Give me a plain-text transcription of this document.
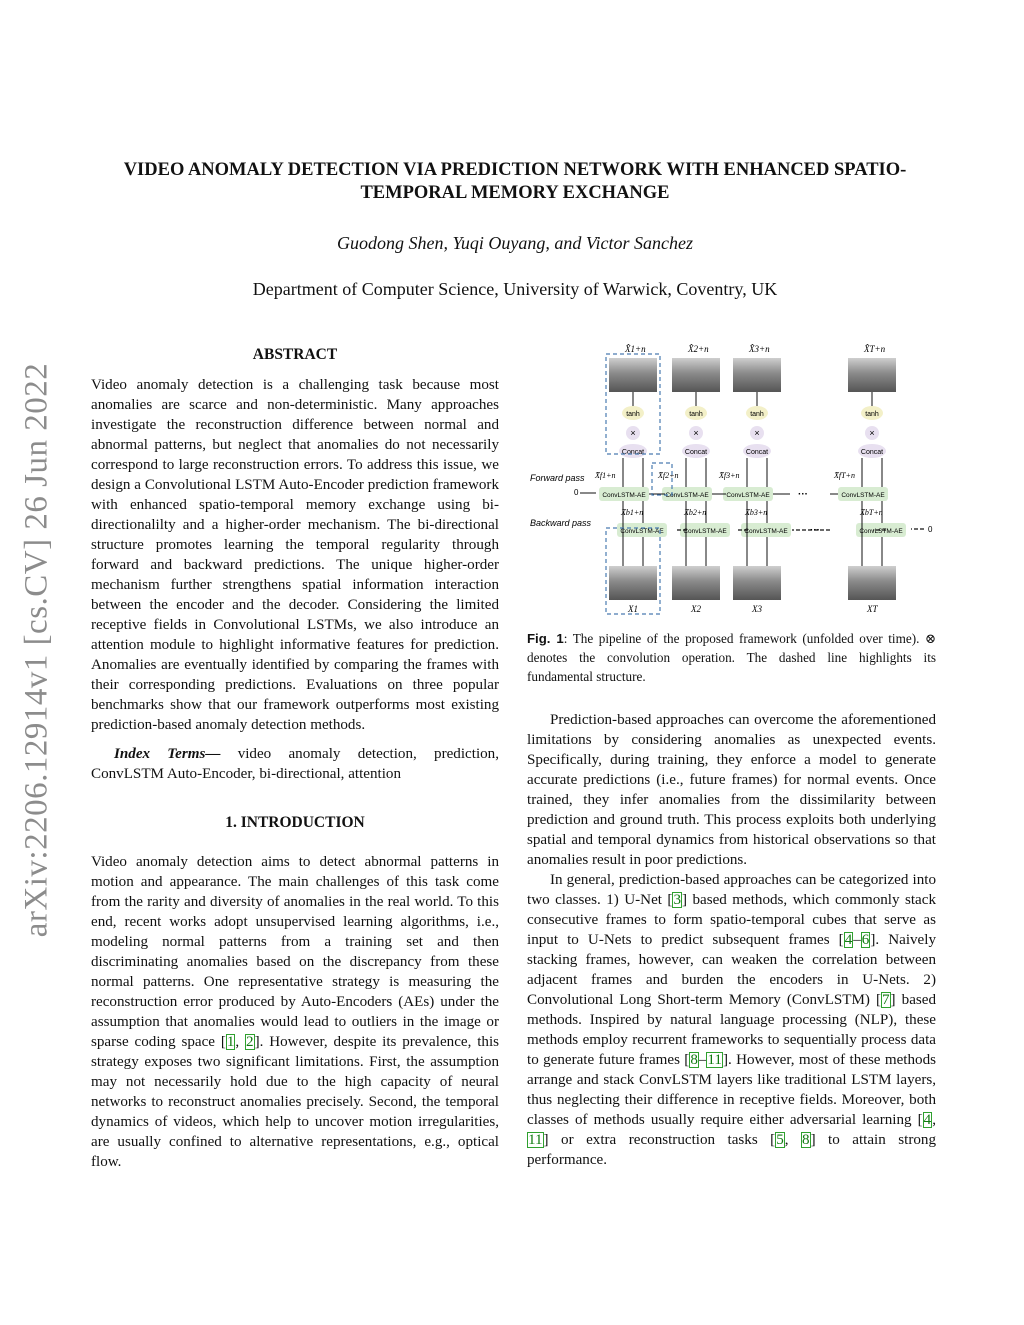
arXiv:2206.12914v1 [cs.CV] 26 Jun 2022
VIDEO ANOMALY DETECTION VIA PREDICTION NETWORK WITH ENHANCED SPATIO-TEMPORAL MEMORY EXCHANGE
Guodong Shen, Yuqi Ouyang, and Victor Sanchez
Department of Computer Science, University of Warwick, Coventry, UK

ABSTRACT

Video anomaly detection is a challenging task because most anomalies are scarce and non-deterministic. Many approaches investigate the reconstruction difference between normal and abnormal patterns, but neglect that anomalies do not necessarily correspond to large reconstruction errors. To address this issue, we design a Convolutional LSTM Auto-Encoder prediction framework with enhanced spatio-temporal memory exchange using bi-directionalilty and a higher-order mechanism. The bi-directional structure promotes learning the temporal regularity through forward and backward predictions. The unique higher-order mechanism further strengthens spatial information interaction between the encoder and the decoder. Considering the limited receptive fields in Convolutional LSTMs, we also introduce an attention module to highlight informative features for prediction. Anomalies are eventually identified by comparing the frames with their corresponding predictions. Evaluations on three popular benchmarks show that our framework outperforms most existing prediction-based anomaly detection methods.

Index Terms— video anomaly detection, prediction, ConvLSTM Auto-Encoder, bi-directional, attention

1. INTRODUCTION

Video anomaly detection aims to detect abnormal patterns in motion and appearance. The main challenges of this task come from the rarity and diversity of anomalies in the real world. To this end, recent works adopt unsupervised learning algorithms, i.e., modeling normal patterns from a training set and then discriminating anomalies based on the discrepancy from these normal patterns. One representative strategy is measuring the reconstruction error produced by Auto-Encoders (AEs) under the assumption that anomalies would lead to outliers in the image or sparse coding space [1, 2]. However, despite its prevalence, this strategy exposes two significant limitations. First, the assumption may not necessarily hold due to the high capacity of neural networks to reconstruct anomalies precisely. Second, the temporal dynamics of videos, which help to uncover motion irregularities, are usually confined to alternative representations, e.g., optical flow.

X̂1+n
tanh
×
Concat
X̄f1+n
ConvLSTM-AE
X̄b1+n
ConvLSTM-AE
X1
X̂2+n
tanh
×
Concat
X̄f2+n
ConvLSTM-AE
X̄b2+n
ConvLSTM-AE
X2
X̂3+n
tanh
×
Concat
X̄f3+n
ConvLSTM-AE
X̄b3+n
ConvLSTM-AE
X3
X̂T+n
tanh
×
Concat
X̄fT+n
ConvLSTM-AE
X̄bT+n
ConvLSTM-AE
XT
Forward pass
Backward pass
0
0
···
···
Fig. 1: The pipeline of the proposed framework (unfolded over time). ⊗ denotes the convolution operation. The dashed line highlights its fundamental structure.

Prediction-based approaches can overcome the aforementioned limitations by considering anomalies as unexpected events. Specifically, during training, they enforce a model to generate accurate predictions (i.e., future frames) for normal events. Once trained, they infer anomalies from the dissimilarity between prediction and ground truth. This process exploits both underlying spatial and temporal dynamics from historical observations so that anomalies result in poor predictions.

In general, prediction-based approaches can be categorized into two classes. 1) U-Net [3] based methods, which commonly stack consecutive frames to form spatio-temporal cubes that serve as input to U-Nets to predict subsequent frames [4–6]. Naively stacking frames, however, can weaken the correlation between adjacent frames and burden the encoders in U-Nets. 2) Convolutional Long Short-term Memory (ConvLSTM) [7] based methods. Inspired by natural language processing (NLP), these methods employ recurrent frameworks to sequentially process data to generate future frames [8–11]. However, most of these methods arrange and stack ConvLSTM layers like traditional LSTM layers, thus neglecting their difference in receptive fields. Moreover, both classes of methods usually require either adversarial learning [4, 11] or extra reconstruction tasks [5, 8] to attain strong performance.
